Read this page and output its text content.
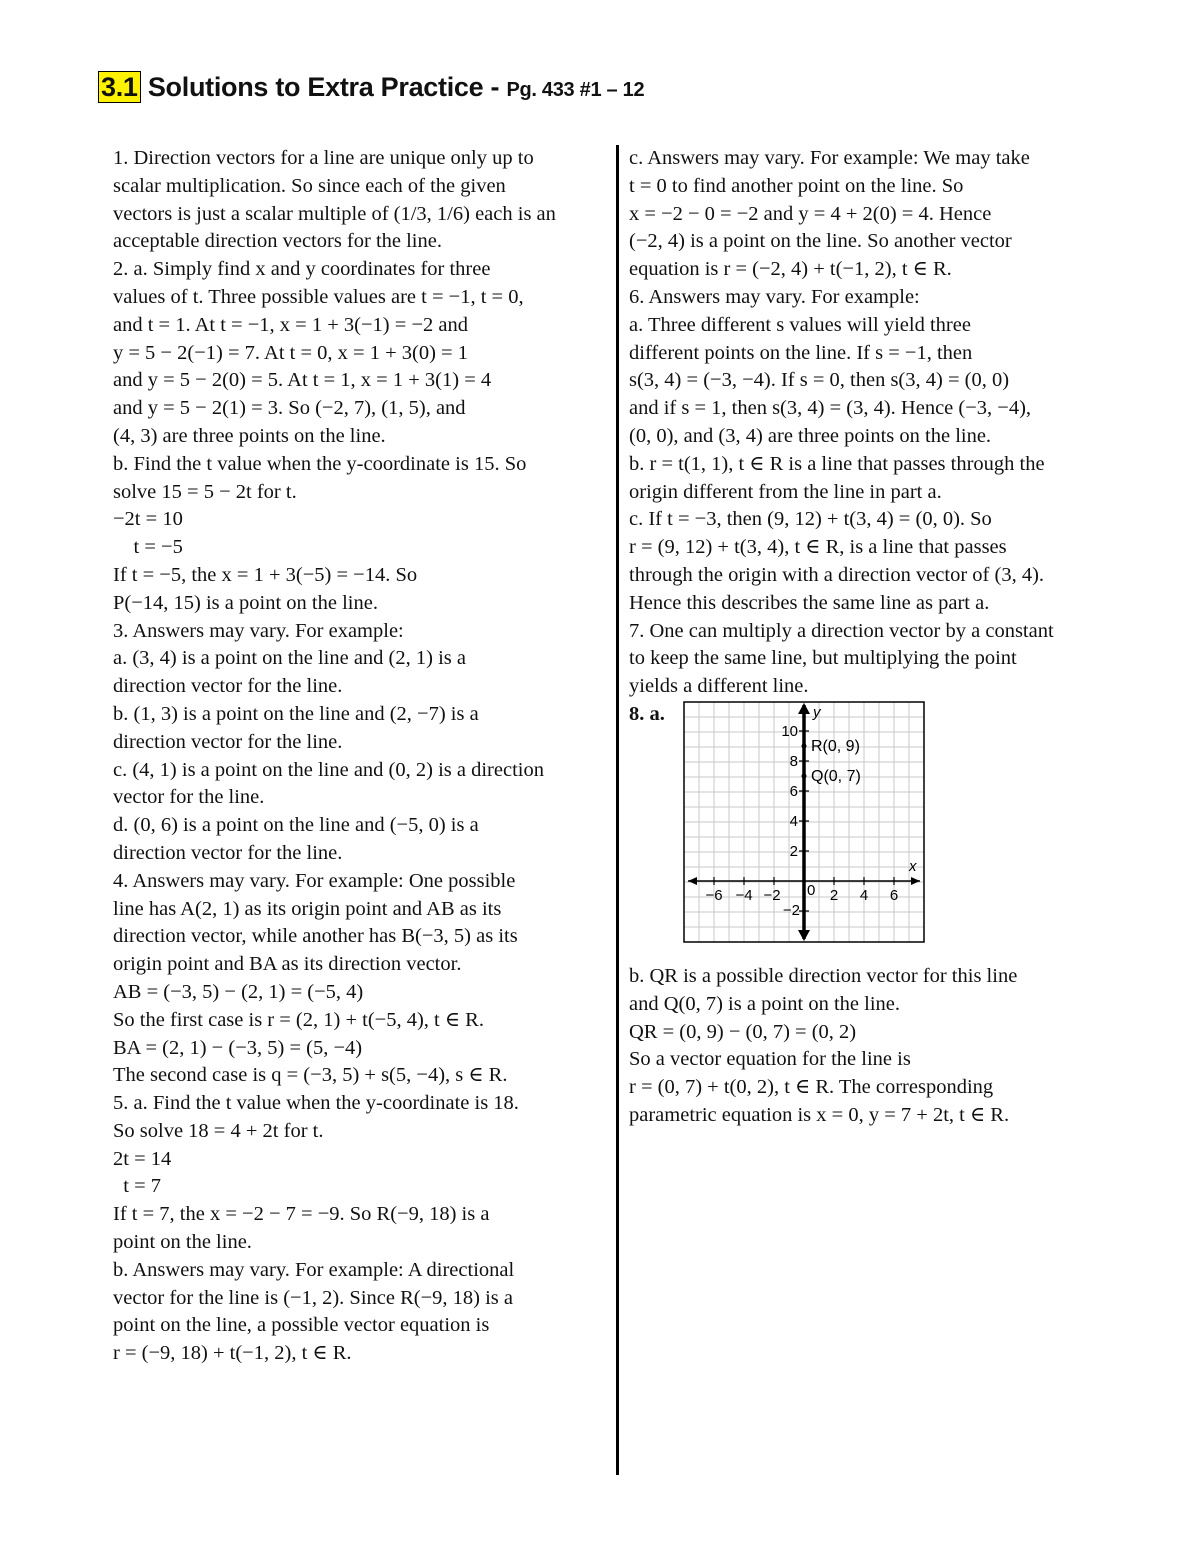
3.1 Solutions to Extra Practice - Pg. 433 #1 – 12

1. Direction vectors for a line are unique only up to

scalar multiplication. So since each of the given

vectors is just a scalar multiple of (1/3, 1/6) each is an

acceptable direction vectors for the line.

2. a. Simply find x and y coordinates for three

values of t. Three possible values are t = −1, t = 0,

and t = 1. At t = −1, x = 1 + 3(−1) = −2 and

y = 5 − 2(−1) = 7. At t = 0, x = 1 + 3(0) = 1

and y = 5 − 2(0) = 5. At t = 1, x = 1 + 3(1) = 4

and y = 5 − 2(1) = 3. So (−2, 7), (1, 5), and

(4, 3) are three points on the line.

b. Find the t value when the y-coordinate is 15. So

solve 15 = 5 − 2t for t.

−2t = 10

t = −5

If t = −5, the x = 1 + 3(−5) = −14. So

P(−14, 15) is a point on the line.

3. Answers may vary. For example:

a. (3, 4) is a point on the line and (2, 1) is a

direction vector for the line.

b. (1, 3) is a point on the line and (2, −7) is a

direction vector for the line.

c. (4, 1) is a point on the line and (0, 2) is a direction

vector for the line.

d. (0, 6) is a point on the line and (−5, 0) is a

direction vector for the line.

4. Answers may vary. For example: One possible

line has A(2, 1) as its origin point and AB as its

direction vector, while another has B(−3, 5) as its

origin point and BA as its direction vector.

AB = (−3, 5) − (2, 1) = (−5, 4)

So the first case is r = (2, 1) + t(−5, 4), t ∈ R.

BA = (2, 1) − (−3, 5) = (5, −4)

The second case is q = (−3, 5) + s(5, −4), s ∈ R.

5. a. Find the t value when the y-coordinate is 18.

So solve 18 = 4 + 2t for t.

2t = 14

t = 7

If t = 7, the x = −2 − 7 = −9. So R(−9, 18) is a

point on the line.

b. Answers may vary. For example: A directional

vector for the line is (−1, 2). Since R(−9, 18) is a

point on the line, a possible vector equation is

r = (−9, 18) + t(−1, 2), t ∈ R.

c. Answers may vary. For example: We may take

t = 0 to find another point on the line. So

x = −2 − 0 = −2 and y = 4 + 2(0) = 4. Hence

(−2, 4) is a point on the line. So another vector

equation is r = (−2, 4) + t(−1, 2), t ∈ R.

6. Answers may vary. For example:

a. Three different s values will yield three

different points on the line. If s = −1, then

s(3, 4) = (−3, −4). If s = 0, then s(3, 4) = (0, 0)

and if s = 1, then s(3, 4) = (3, 4). Hence (−3, −4),

(0, 0), and (3, 4) are three points on the line.

b. r = t(1, 1), t ∈ R is a line that passes through the

origin different from the line in part a.

c. If t = −3, then (9, 12) + t(3, 4) = (0, 0). So

r = (9, 12) + t(3, 4), t ∈ R, is a line that passes

through the origin with a direction vector of (3, 4).

Hence this describes the same line as part a.

7. One can multiply a direction vector by a constant

to keep the same line, but multiplying the point

yields a different line.

8. a.	y
x
−6 −4 −2	2 4 6
2
4
6
8
10
−2
0
R(0, 9)
Q(0, 7)

b. QR is a possible direction vector for this line

and Q(0, 7) is a point on the line.

QR = (0, 9) − (0, 7) = (0, 2)

So a vector equation for the line is

r = (0, 7) + t(0, 2), t ∈ R. The corresponding

parametric equation is x = 0, y = 7 + 2t, t ∈ R.
